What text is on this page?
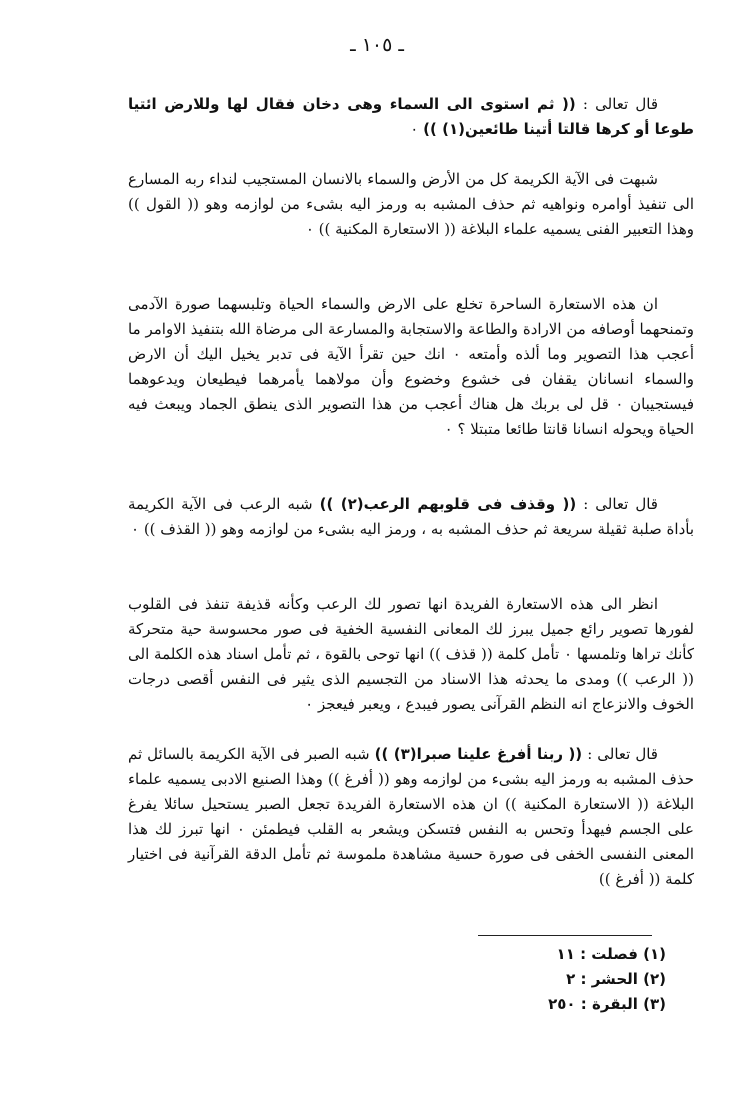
ـ ١٠٥ ـ
قال تعالى : (( ثم استوى الى السماء وهى دخان فقال لها وللارض ائتيا طوعا أو كرها قالتا أتينا طائعين(١) )) ٠
شبهت فى الآية الكريمة كل من الأرض والسماء بالانسان المستجيب لنداء ربه المسارع الى تنفيذ أوامره ونواهيه ثم حذف المشبه به ورمز اليه بشىء من لوازمه وهو (( القول )) وهذا التعبير الفنى يسميه علماء البلاغة (( الاستعارة المكنية )) ٠
ان هذه الاستعارة الساحرة تخلع على الارض والسماء الحياة وتلبسهما صورة الآدمى وتمنحهما أوصافه من الارادة والطاعة والاستجابة والمسارعة الى مرضاة الله بتنفيذ الاوامر ما أعجب هذا التصوير وما ألذه وأمتعه ٠ انك حين تقرأ الآية فى تدبر يخيل اليك أن الارض والسماء انسانان يقفان فى خشوع وخضوع وأن مولاهما يأمرهما فيطيعان ويدعوهما فيستجيبان ٠ قل لى بربك هل هناك أعجب من هذا التصوير الذى ينطق الجماد ويبعث فيه الحياة ويحوله انسانا قانتا طائعا متبتلا ؟ ٠
قال تعالى : (( وقذف فى قلوبهم الرعب(٢) )) شبه الرعب فى الآية الكريمة بأداة صلبة ثقيلة سريعة ثم حذف المشبه به ، ورمز اليه بشىء من لوازمه وهو (( القذف )) ٠
انظر الى هذه الاستعارة الفريدة انها تصور لك الرعب وكأنه قذيفة تنفذ فى القلوب لفورها تصوير رائع جميل يبرز لك المعانى النفسية الخفية فى صور محسوسة حية متحركة كأنك تراها وتلمسها ٠ تأمل كلمة (( قذف )) انها توحى بالقوة ، ثم تأمل اسناد هذه الكلمة الى (( الرعب )) ومدى ما يحدثه هذا الاسناد من التجسيم الذى يثير فى النفس أقصى درجات الخوف والانزعاج انه النظم القرآنى يصور فيبدع ، ويعبر فيعجز ٠
قال تعالى : (( ربنا أفرغ علينا صبرا(٣) )) شبه الصبر فى الآية الكريمة بالسائل ثم حذف المشبه به ورمز اليه بشىء من لوازمه وهو (( أفرغ )) وهذا الصنيع الادبى يسميه علماء البلاغة (( الاستعارة المكنية )) ان هذه الاستعارة الفريدة تجعل الصبر يستحيل سائلا يفرغ على الجسم فيهدأ وتحس به النفس فتسكن ويشعر به القلب فيطمئن ٠ انها تبرز لك هذا المعنى النفسى الخفى فى صورة حسية مشاهدة ملموسة ثم تأمل الدقة القرآنية فى اختيار كلمة (( أفرغ ))
(١) فصلت : ١١
(٢) الحشر : ٢
(٣) البقرة : ٢٥٠
